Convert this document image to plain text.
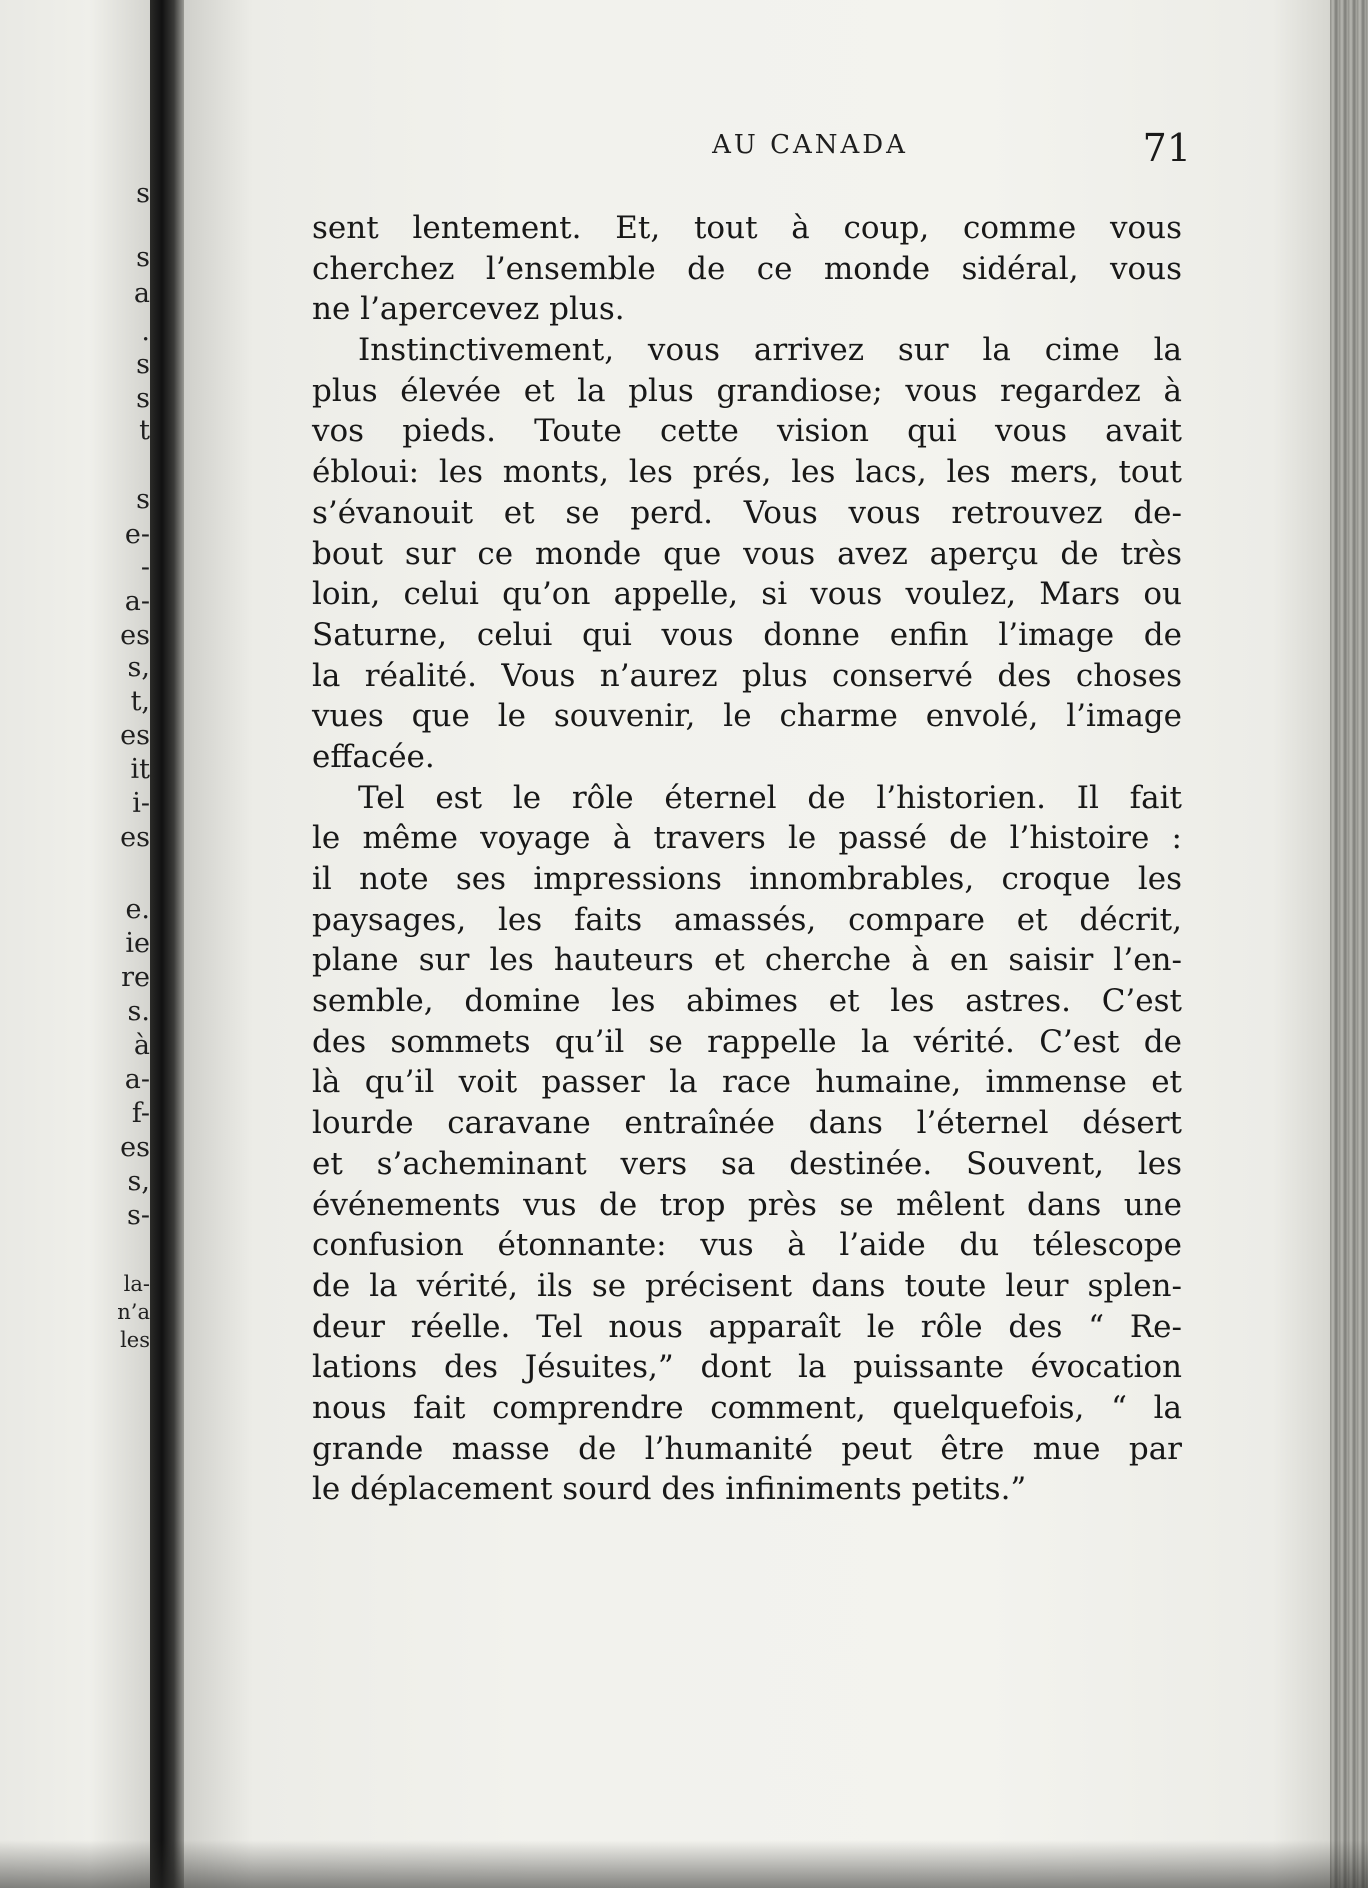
s
s
a
.
s
s
t
s
e-
-
a-
es
s,
t,
es
it
i-
es
e.
ie
re
s.
à
a-
f-
es
s,
s-
la-
n’a
les
AU CANADA	71
sent lentement. Et, tout à coup, comme vous
cherchez l’ensemble de ce monde sidéral, vous
ne l’apercevez plus.
Instinctivement, vous arrivez sur la cime la
plus élevée et la plus grandiose; vous regardez à
vos pieds. Toute cette vision qui vous avait
ébloui: les monts, les prés, les lacs, les mers, tout
s’évanouit et se perd. Vous vous retrouvez de-
bout sur ce monde que vous avez aperçu de très
loin, celui qu’on appelle, si vous voulez, Mars ou
Saturne, celui qui vous donne enfin l’image de
la réalité. Vous n’aurez plus conservé des choses
vues que le souvenir, le charme envolé, l’image
effacée.
Tel est le rôle éternel de l’historien. Il fait
le même voyage à travers le passé de l’histoire :
il note ses impressions innombrables, croque les
paysages, les faits amassés, compare et décrit,
plane sur les hauteurs et cherche à en saisir l’en-
semble, domine les abimes et les astres. C’est
des sommets qu’il se rappelle la vérité. C’est de
là qu’il voit passer la race humaine, immense et
lourde caravane entraînée dans l’éternel désert
et s’acheminant vers sa destinée. Souvent, les
événements vus de trop près se mêlent dans une
confusion étonnante: vus à l’aide du télescope
de la vérité, ils se précisent dans toute leur splen-
deur réelle. Tel nous apparaît le rôle des “ Re-
lations des Jésuites,” dont la puissante évocation
nous fait comprendre comment, quelquefois, “ la
grande masse de l’humanité peut être mue par
le déplacement sourd des infiniments petits.”
